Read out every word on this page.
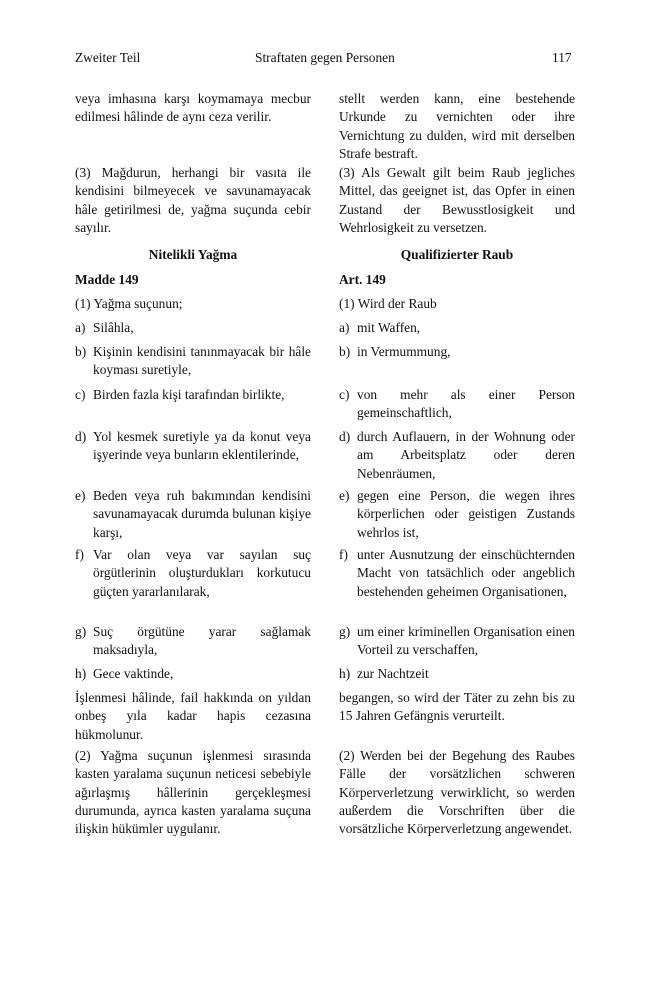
Zweiter Teil	Straftaten gegen Personen	117

veya imhasına karşı koymamaya mecbur edilmesi hâlinde de aynı ceza verilir.

(3) Mağdurun, herhangi bir vasıta ile kendisini bilmeyecek ve savunamayacak hâle getirilmesi de, yağma suçunda cebir sayılır.

Nitelikli Yağma

Madde 149

(1) Yağma suçunun;

a) Silâhla,
b) Kişinin kendisini tanınmayacak bir hâle koyması suretiyle,
c) Birden fazla kişi tarafından birlikte,
d) Yol kesmek suretiyle ya da konut veya işyerinde veya bunların eklentilerinde,
e) Beden veya ruh bakımından kendisini savunamayacak durumda bulunan kişiye karşı,
f) Var olan veya var sayılan suç örgütlerinin oluşturdukları korkutucu güçten yararlanılarak,
g) Suç örgütüne yarar sağlamak maksadıyla,
h) Gece vaktinde,

İşlenmesi hâlinde, fail hakkında on yıldan onbeş yıla kadar hapis cezasına hükmolunur.

(2) Yağma suçunun işlenmesi sırasında kasten yaralama suçunun neticesi sebebiyle ağırlaşmış hâllerinin gerçekleşmesi durumunda, ayrıca kasten yaralama suçuna ilişkin hükümler uygulanır.

stellt werden kann, eine bestehende Urkunde zu vernichten oder ihre Vernichtung zu dulden, wird mit derselben Strafe bestraft.

(3) Als Gewalt gilt beim Raub jegliches Mittel, das geeignet ist, das Opfer in einen Zustand der Bewusstlosigkeit und Wehrlosigkeit zu versetzen.

Qualifizierter Raub

Art. 149

(1) Wird der Raub

a) mit Waffen,
b) in Vermummung,
c) von mehr als einer Person gemeinschaftlich,
d) durch Auflauern, in der Wohnung oder am Arbeitsplatz oder deren Nebenräumen,
e) gegen eine Person, die wegen ihres körperlichen oder geistigen Zustands wehrlos ist,
f) unter Ausnutzung der einschüchternden Macht von tatsächlich oder angeblich bestehenden geheimen Organisationen,
g) um einer kriminellen Organisation einen Vorteil zu verschaffen,
h) zur Nachtzeit

begangen, so wird der Täter zu zehn bis zu 15 Jahren Gefängnis verurteilt.

(2) Werden bei der Begehung des Raubes Fälle der vorsätzlichen schweren Körperverletzung verwirklicht, so werden außerdem die Vorschriften über die vorsätzliche Körperverletzung angewendet.
